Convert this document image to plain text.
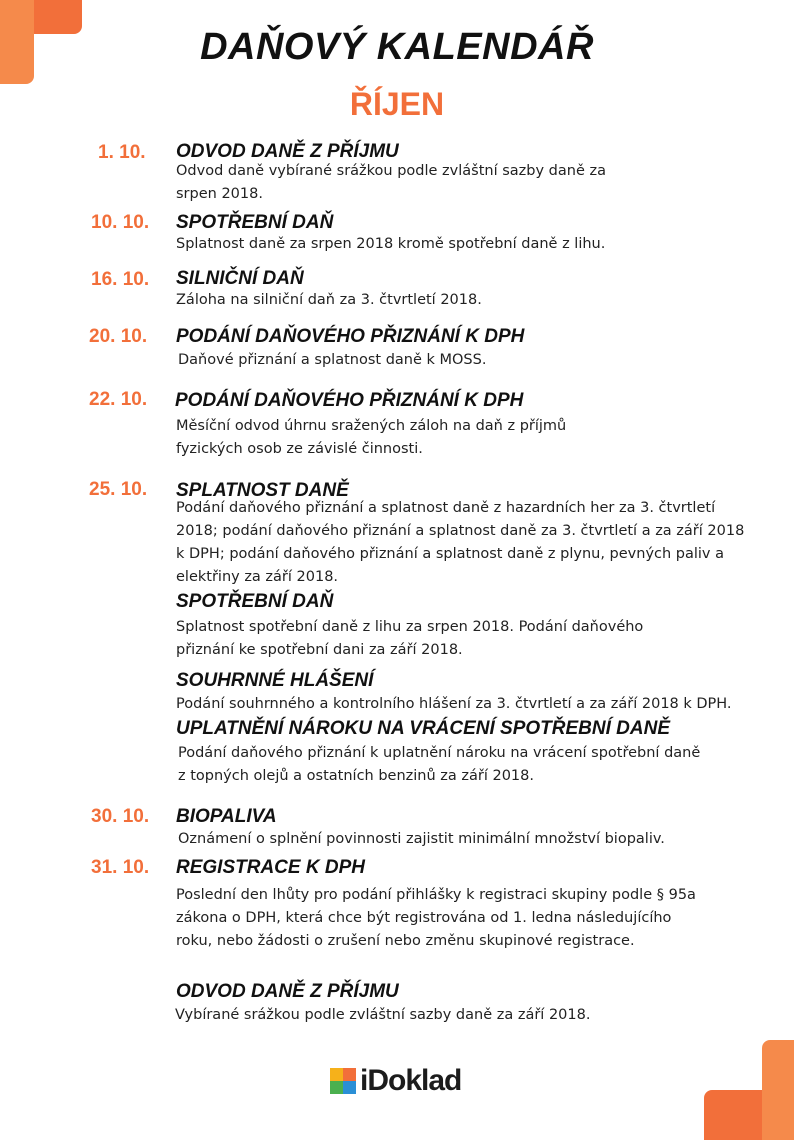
DAŇOVÝ KALENDÁŘ
ŘÍJEN
1. 10. ODVOD DANĚ Z PŘÍJMU
Odvod daně vybírané srážkou podle zvláštní sazby daně za srpen 2018.
10. 10. SPOTŘEBNÍ DAŇ
Splatnost daně za srpen 2018 kromě spotřební daně z lihu.
16. 10. SILNIČNÍ DAŇ
Záloha na silniční daň za 3. čtvrtletí 2018.
20. 10. PODÁNÍ DAŇOVÉHO PŘIZNÁNÍ K DPH
Daňové přiznání a splatnost daně k MOSS.
22. 10. PODÁNÍ DAŇOVÉHO PŘIZNÁNÍ K DPH
Měsíční odvod úhrnu sražených záloh na daň z příjmů fyzických osob ze závislé činnosti.
25. 10. SPLATNOST DANĚ
Podání daňového přiznání a splatnost daně z hazardních her za 3. čtvrtletí 2018; podání daňového přiznání a splatnost daně za 3. čtvrtletí a za září 2018 k DPH; podání daňového přiznání a splatnost daně z plynu, pevných paliv a elektřiny za září 2018.
SPOTŘEBNÍ DAŇ
Splatnost spotřební daně z lihu za srpen 2018. Podání daňového přiznání ke spotřební dani za září 2018.
SOUHRNNÉ HLÁŠENÍ
Podání souhrnného a kontrolního hlášení za 3. čtvrtletí a za září 2018 k DPH.
UPLATNĚNÍ NÁROKU NA VRÁCENÍ SPOTŘEBNÍ DANĚ
Podání daňového přiznání k uplatnění nároku na vrácení spotřební daně z topných olejů a ostatních benzinů za září 2018.
30. 10. BIOPALIVA
Oznámení o splnění povinnosti zajistit minimální množství biopaliv.
31. 10. REGISTRACE K DPH
Poslední den lhůty pro podání přihlášky k registraci skupiny podle § 95a zákona o DPH, která chce být registrována od 1. ledna následujícího roku, nebo žádosti o zrušení nebo změnu skupinové registrace.
ODVOD DANĚ Z PŘÍJMU
Vybírané srážkou podle zvláštní sazby daně za září 2018.
iDoklad
